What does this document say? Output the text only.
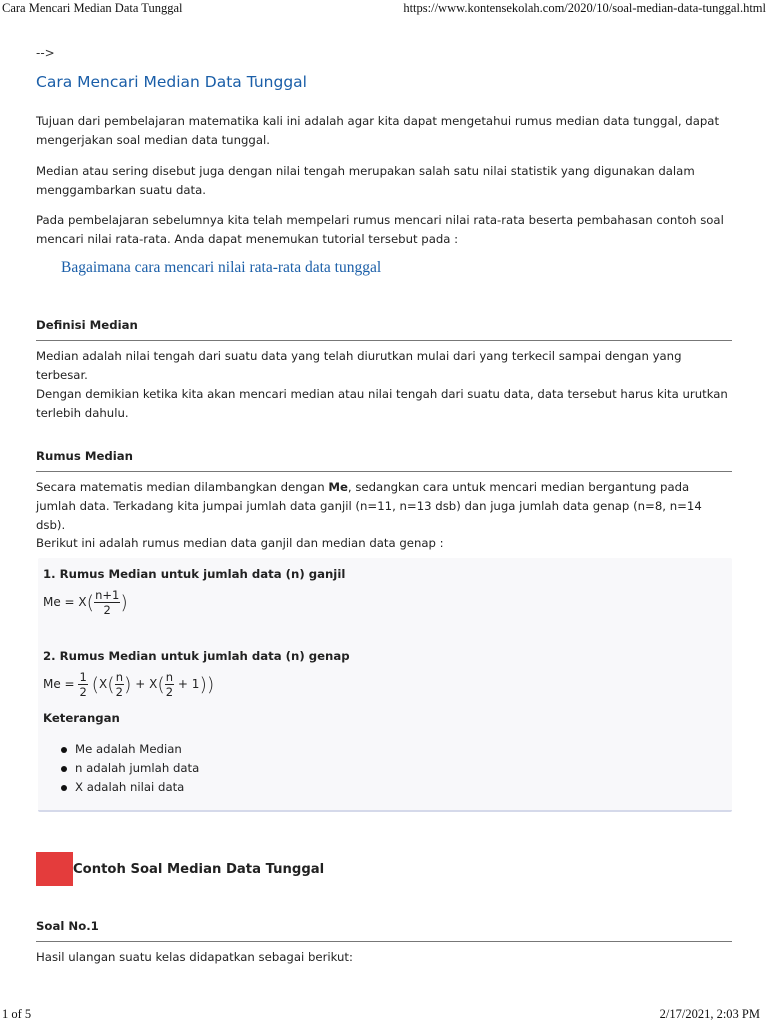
Cara Mencari Median Data Tunggal	https://www.kontensekolah.com/2020/10/soal-median-data-tunggal.html
-->
Cara Mencari Median Data Tunggal

Tujuan dari pembelajaran matematika kali ini adalah agar kita dapat mengetahui rumus median data tunggal, dapat mengerjakan soal median data tunggal.

Median atau sering disebut juga dengan nilai tengah merupakan salah satu nilai statistik yang digunakan dalam menggambarkan suatu data.

Pada pembelajaran sebelumnya kita telah mempelari rumus mencari nilai rata-rata beserta pembahasan contoh soal mencari nilai rata-rata. Anda dapat menemukan tutorial tersebut pada :

Bagaimana cara mencari nilai rata-rata data tunggal
Definisi Median

Median adalah nilai tengah dari suatu data yang telah diurutkan mulai dari yang terkecil sampai dengan yang terbesar.

Dengan demikian ketika kita akan mencari median atau nilai tengah dari suatu data, data tersebut harus kita urutkan terlebih dahulu.

Rumus Median

Secara matematis median dilambangkan dengan Me, sedangkan cara untuk mencari median bergantung pada jumlah data. Terkadang kita jumpai jumlah data ganjil (n=11, n=13 dsb) dan juga jumlah data genap (n=8, n=14 dsb).

Berikut ini adalah rumus median data ganjil dan median data genap :

1. Rumus Median untuk jumlah data (n) ganjil
$Me = X( \frac{n+1}{2}$ )
2. Rumus Median untuk jumlah data (n) genap
$Me = \frac{1}{2} (X( \frac{n}{2}$ ) + $X( \frac{n}{2} + 1)$)
Keterangan
Me adalah Median
n adalah jumlah data
X adalah nilai data
Contoh Soal Median Data Tunggal
Soal No.1

Hasil ulangan suatu kelas didapatkan sebagai berikut:

1 of 5	2/17/2021, 2:03 PM
